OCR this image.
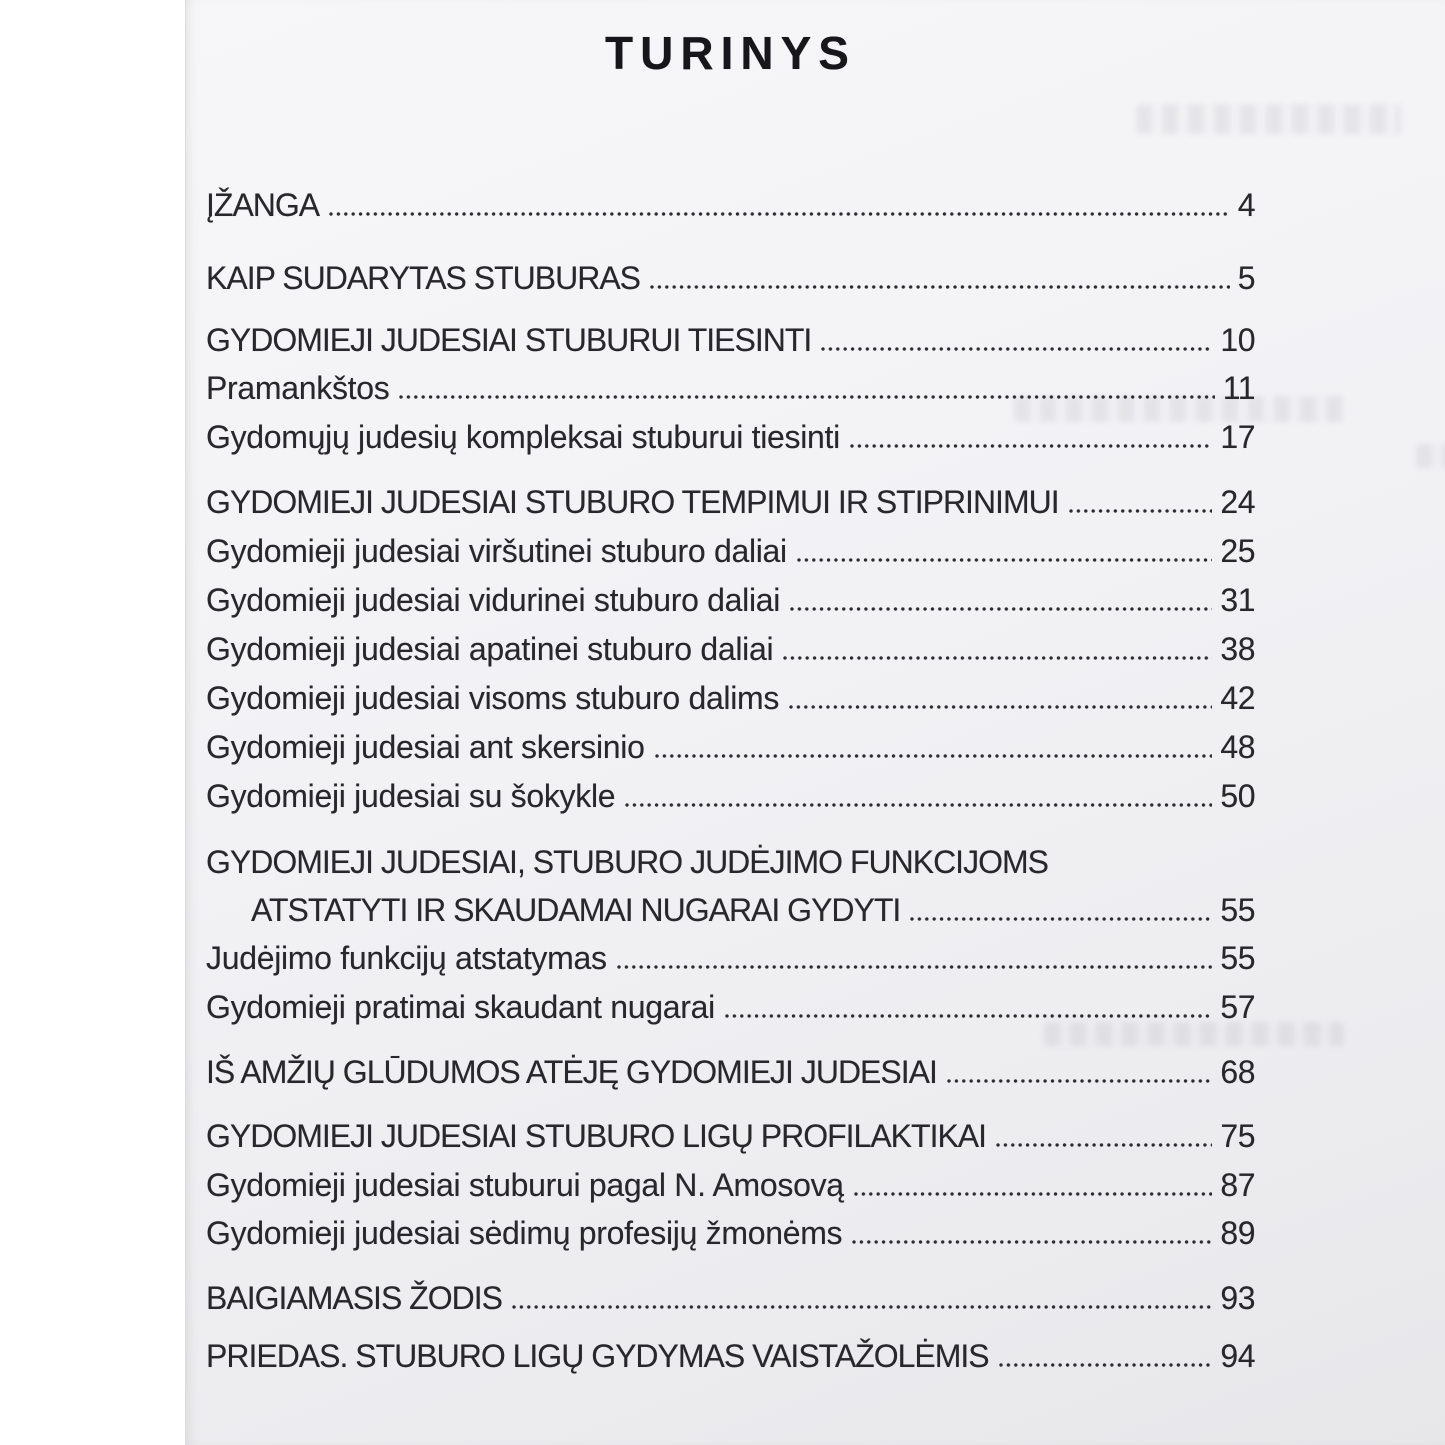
TURINYS
ĮŽANGA	4
KAIP SUDARYTAS STUBURAS	5
GYDOMIEJI JUDESIAI STUBURUI TIESINTI	10
Pramankštos	11
Gydomųjų judesių kompleksai stuburui tiesinti	17
GYDOMIEJI JUDESIAI STUBURO TEMPIMUI IR STIPRINIMUI	24
Gydomieji judesiai viršutinei stuburo daliai	25
Gydomieji judesiai vidurinei stuburo daliai	31
Gydomieji judesiai apatinei stuburo daliai	38
Gydomieji judesiai visoms stuburo dalims	42
Gydomieji judesiai ant skersinio	48
Gydomieji judesiai su šokykle	50
GYDOMIEJI JUDESIAI, STUBURO JUDĖJIMO FUNKCIJOMS
ATSTATYTI IR SKAUDAMAI NUGARAI GYDYTI	55
Judėjimo funkcijų atstatymas	55
Gydomieji pratimai skaudant nugarai	57
IŠ AMŽIŲ GLŪDUMOS ATĖJĘ GYDOMIEJI JUDESIAI	68
GYDOMIEJI JUDESIAI STUBURO LIGŲ PROFILAKTIKAI	75
Gydomieji judesiai stuburui pagal N. Amosovą	87
Gydomieji judesiai sėdimų profesijų žmonėms	89
BAIGIAMASIS ŽODIS	93
PRIEDAS. STUBURO LIGŲ GYDYMAS VAISTAŽOLĖMIS	94
